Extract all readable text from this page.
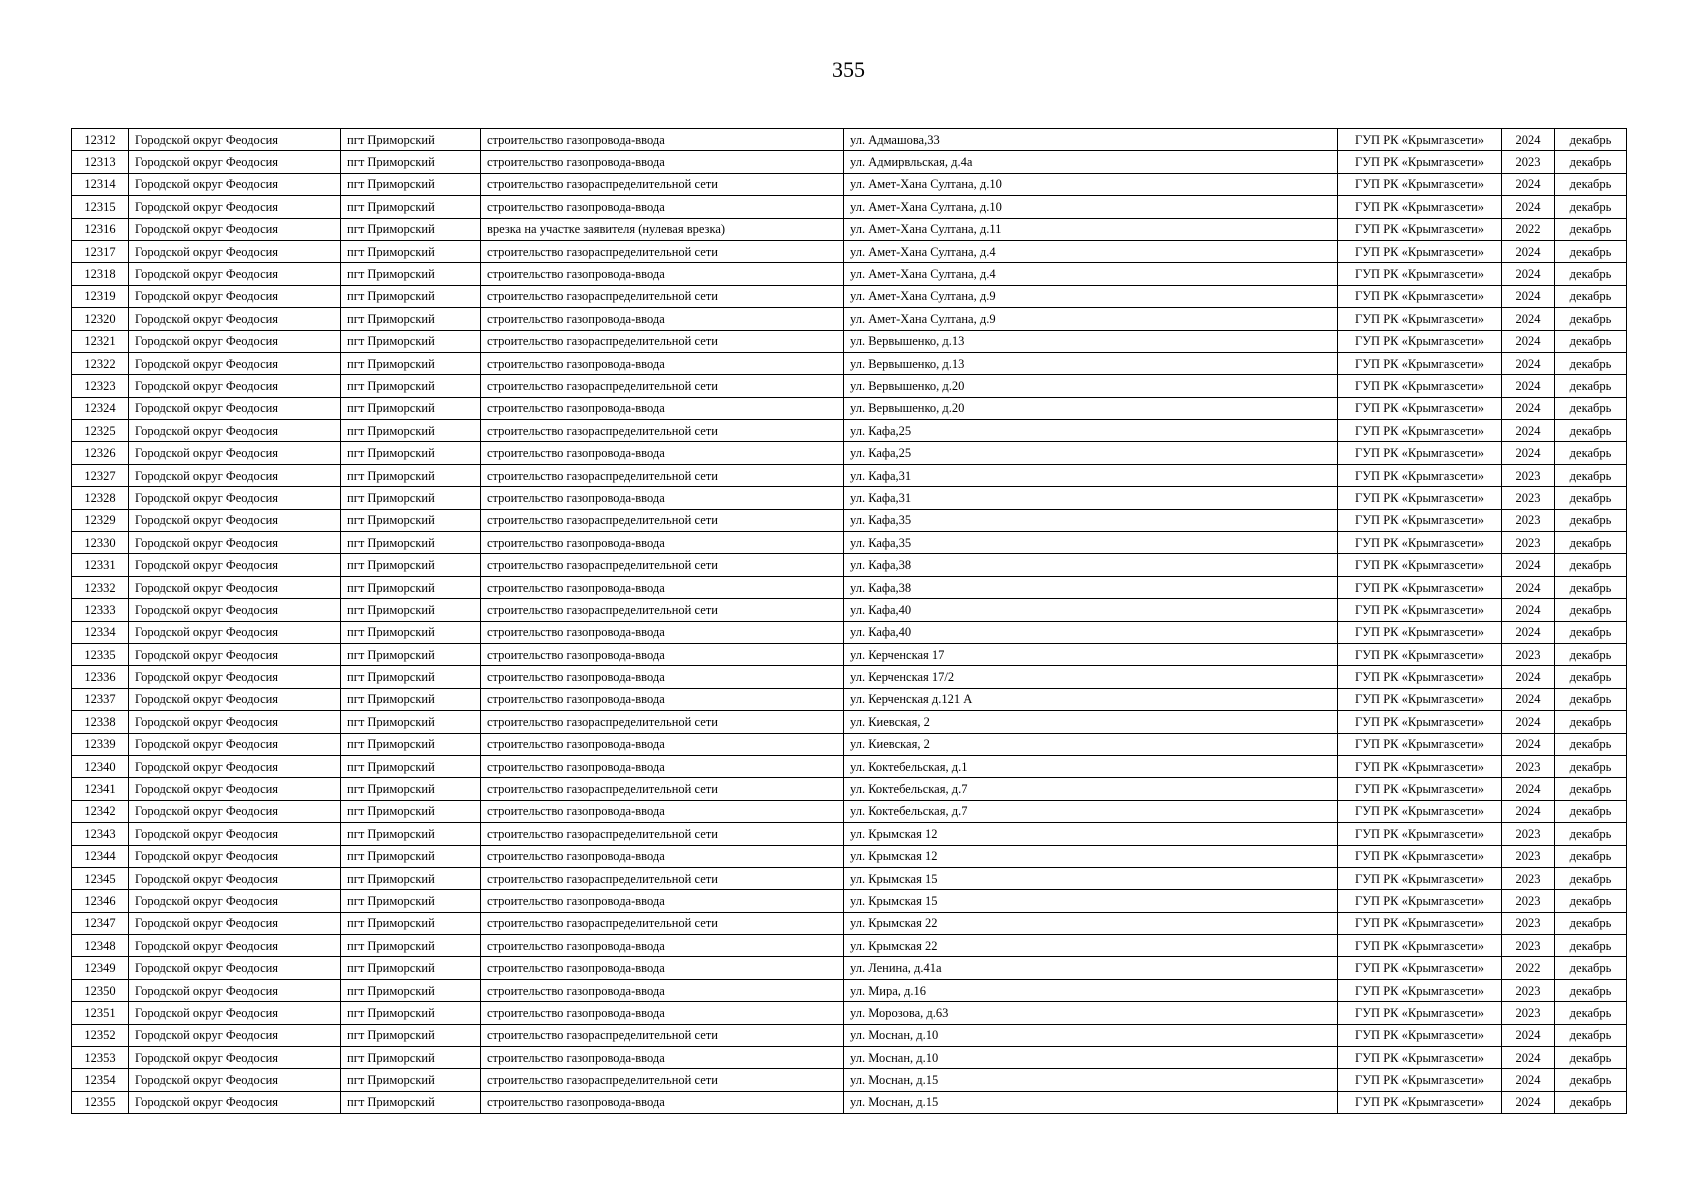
355
12312	Городской округ Феодосия	пгт Приморский	строительство газопровода-ввода	ул. Адмашова,33	ГУП РК «Крымгазсети»	2024	декабрь
12313	Городской округ Феодосия	пгт Приморский	строительство газопровода-ввода	ул. Адмирвльская, д.4а	ГУП РК «Крымгазсети»	2023	декабрь
12314	Городской округ Феодосия	пгт Приморский	строительство газораспределительной сети	ул. Амет-Хана Султана, д.10	ГУП РК «Крымгазсети»	2024	декабрь
12315	Городской округ Феодосия	пгт Приморский	строительство газопровода-ввода	ул. Амет-Хана Султана, д.10	ГУП РК «Крымгазсети»	2024	декабрь
12316	Городской округ Феодосия	пгт Приморский	врезка на участке заявителя (нулевая врезка)	ул. Амет-Хана Султана, д.11	ГУП РК «Крымгазсети»	2022	декабрь
12317	Городской округ Феодосия	пгт Приморский	строительство газораспределительной сети	ул. Амет-Хана Султана, д.4	ГУП РК «Крымгазсети»	2024	декабрь
12318	Городской округ Феодосия	пгт Приморский	строительство газопровода-ввода	ул. Амет-Хана Султана, д.4	ГУП РК «Крымгазсети»	2024	декабрь
12319	Городской округ Феодосия	пгт Приморский	строительство газораспределительной сети	ул. Амет-Хана Султана, д.9	ГУП РК «Крымгазсети»	2024	декабрь
12320	Городской округ Феодосия	пгт Приморский	строительство газопровода-ввода	ул. Амет-Хана Султана, д.9	ГУП РК «Крымгазсети»	2024	декабрь
12321	Городской округ Феодосия	пгт Приморский	строительство газораспределительной сети	ул. Вервышенко, д.13	ГУП РК «Крымгазсети»	2024	декабрь
12322	Городской округ Феодосия	пгт Приморский	строительство газопровода-ввода	ул. Вервышенко, д.13	ГУП РК «Крымгазсети»	2024	декабрь
12323	Городской округ Феодосия	пгт Приморский	строительство газораспределительной сети	ул. Вервышенко, д.20	ГУП РК «Крымгазсети»	2024	декабрь
12324	Городской округ Феодосия	пгт Приморский	строительство газопровода-ввода	ул. Вервышенко, д.20	ГУП РК «Крымгазсети»	2024	декабрь
12325	Городской округ Феодосия	пгт Приморский	строительство газораспределительной сети	ул. Кафа,25	ГУП РК «Крымгазсети»	2024	декабрь
12326	Городской округ Феодосия	пгт Приморский	строительство газопровода-ввода	ул. Кафа,25	ГУП РК «Крымгазсети»	2024	декабрь
12327	Городской округ Феодосия	пгт Приморский	строительство газораспределительной сети	ул. Кафа,31	ГУП РК «Крымгазсети»	2023	декабрь
12328	Городской округ Феодосия	пгт Приморский	строительство газопровода-ввода	ул. Кафа,31	ГУП РК «Крымгазсети»	2023	декабрь
12329	Городской округ Феодосия	пгт Приморский	строительство газораспределительной сети	ул. Кафа,35	ГУП РК «Крымгазсети»	2023	декабрь
12330	Городской округ Феодосия	пгт Приморский	строительство газопровода-ввода	ул. Кафа,35	ГУП РК «Крымгазсети»	2023	декабрь
12331	Городской округ Феодосия	пгт Приморский	строительство газораспределительной сети	ул. Кафа,38	ГУП РК «Крымгазсети»	2024	декабрь
12332	Городской округ Феодосия	пгт Приморский	строительство газопровода-ввода	ул. Кафа,38	ГУП РК «Крымгазсети»	2024	декабрь
12333	Городской округ Феодосия	пгт Приморский	строительство газораспределительной сети	ул. Кафа,40	ГУП РК «Крымгазсети»	2024	декабрь
12334	Городской округ Феодосия	пгт Приморский	строительство газопровода-ввода	ул. Кафа,40	ГУП РК «Крымгазсети»	2024	декабрь
12335	Городской округ Феодосия	пгт Приморский	строительство газопровода-ввода	ул. Керченская 17	ГУП РК «Крымгазсети»	2023	декабрь
12336	Городской округ Феодосия	пгт Приморский	строительство газопровода-ввода	ул. Керченская 17/2	ГУП РК «Крымгазсети»	2024	декабрь
12337	Городской округ Феодосия	пгт Приморский	строительство газопровода-ввода	ул. Керченская д.121 А	ГУП РК «Крымгазсети»	2024	декабрь
12338	Городской округ Феодосия	пгт Приморский	строительство газораспределительной сети	ул. Киевская, 2	ГУП РК «Крымгазсети»	2024	декабрь
12339	Городской округ Феодосия	пгт Приморский	строительство газопровода-ввода	ул. Киевская, 2	ГУП РК «Крымгазсети»	2024	декабрь
12340	Городской округ Феодосия	пгт Приморский	строительство газопровода-ввода	ул. Коктебельская, д.1	ГУП РК «Крымгазсети»	2023	декабрь
12341	Городской округ Феодосия	пгт Приморский	строительство газораспределительной сети	ул. Коктебельская, д.7	ГУП РК «Крымгазсети»	2024	декабрь
12342	Городской округ Феодосия	пгт Приморский	строительство газопровода-ввода	ул. Коктебельская, д.7	ГУП РК «Крымгазсети»	2024	декабрь
12343	Городской округ Феодосия	пгт Приморский	строительство газораспределительной сети	ул. Крымская 12	ГУП РК «Крымгазсети»	2023	декабрь
12344	Городской округ Феодосия	пгт Приморский	строительство газопровода-ввода	ул. Крымская 12	ГУП РК «Крымгазсети»	2023	декабрь
12345	Городской округ Феодосия	пгт Приморский	строительство газораспределительной сети	ул. Крымская 15	ГУП РК «Крымгазсети»	2023	декабрь
12346	Городской округ Феодосия	пгт Приморский	строительство газопровода-ввода	ул. Крымская 15	ГУП РК «Крымгазсети»	2023	декабрь
12347	Городской округ Феодосия	пгт Приморский	строительство газораспределительной сети	ул. Крымская 22	ГУП РК «Крымгазсети»	2023	декабрь
12348	Городской округ Феодосия	пгт Приморский	строительство газопровода-ввода	ул. Крымская 22	ГУП РК «Крымгазсети»	2023	декабрь
12349	Городской округ Феодосия	пгт Приморский	строительство газопровода-ввода	ул. Ленина, д.41а	ГУП РК «Крымгазсети»	2022	декабрь
12350	Городской округ Феодосия	пгт Приморский	строительство газопровода-ввода	ул. Мира, д.16	ГУП РК «Крымгазсети»	2023	декабрь
12351	Городской округ Феодосия	пгт Приморский	строительство газопровода-ввода	ул. Морозова, д.63	ГУП РК «Крымгазсети»	2023	декабрь
12352	Городской округ Феодосия	пгт Приморский	строительство газораспределительной сети	ул. Моснан, д.10	ГУП РК «Крымгазсети»	2024	декабрь
12353	Городской округ Феодосия	пгт Приморский	строительство газопровода-ввода	ул. Моснан, д.10	ГУП РК «Крымгазсети»	2024	декабрь
12354	Городской округ Феодосия	пгт Приморский	строительство газораспределительной сети	ул. Моснан, д.15	ГУП РК «Крымгазсети»	2024	декабрь
12355	Городской округ Феодосия	пгт Приморский	строительство газопровода-ввода	ул. Моснан, д.15	ГУП РК «Крымгазсети»	2024	декабрь
